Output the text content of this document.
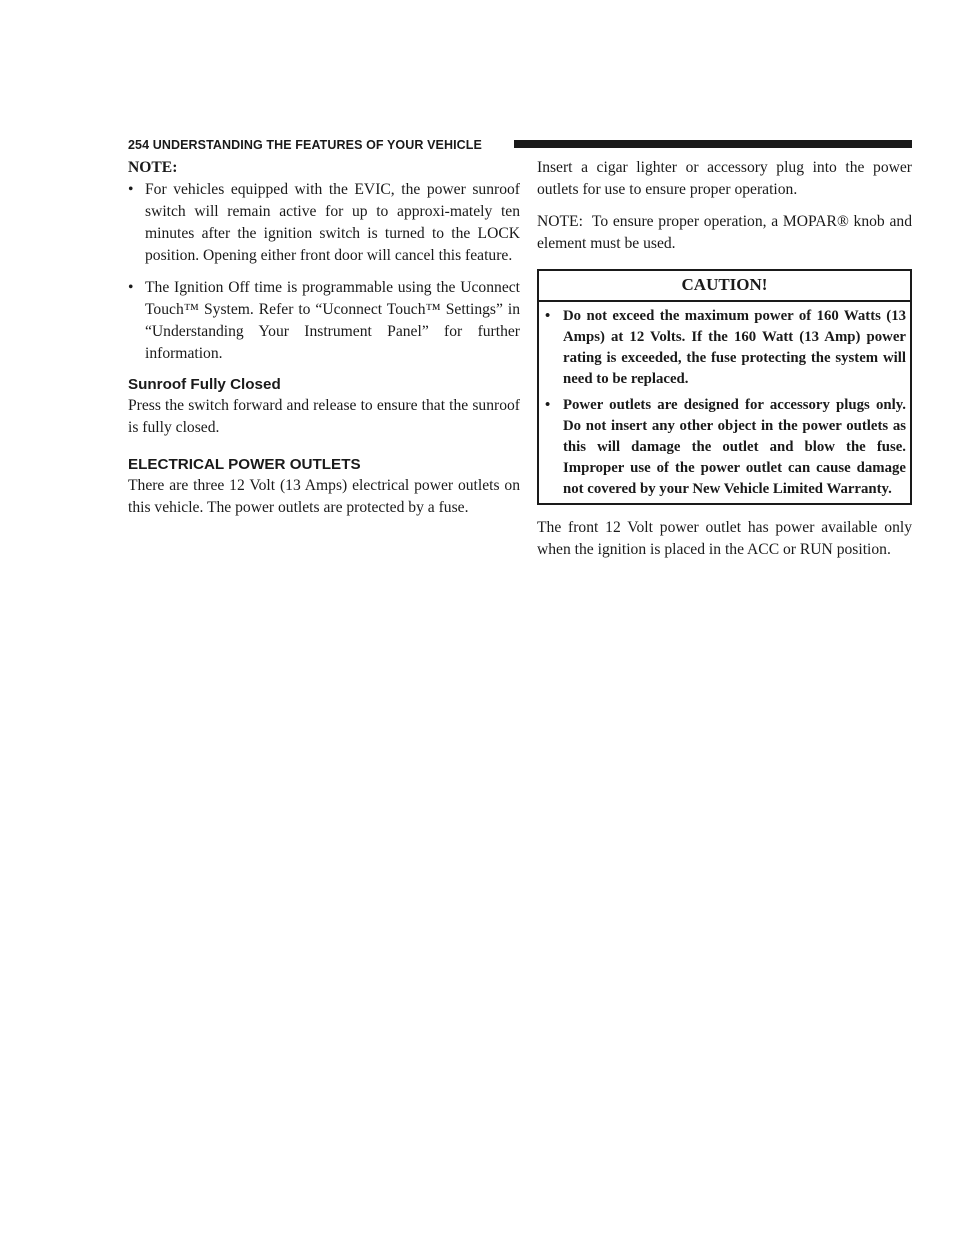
254 UNDERSTANDING THE FEATURES OF YOUR VEHICLE

NOTE:

• For vehicles equipped with the EVIC, the power sunroof switch will remain active for up to approxi-mately ten minutes after the ignition switch is turned to the LOCK position. Opening either front door will cancel this feature.
• The Ignition Off time is programmable using the Uconnect Touch™ System. Refer to “Uconnect Touch™ Settings” in “Understanding Your Instrument Panel” for further information.
Sunroof Fully Closed

Press the switch forward and release to ensure that the sunroof is fully closed.

ELECTRICAL POWER OUTLETS

There are three 12 Volt (13 Amps) electrical power outlets on this vehicle. The power outlets are protected by a fuse.

Insert a cigar lighter or accessory plug into the power outlets for use to ensure proper operation.

NOTE: To ensure proper operation, a MOPAR® knob and element must be used.

CAUTION!
• Do not exceed the maximum power of 160 Watts (13 Amps) at 12 Volts. If the 160 Watt (13 Amp) power rating is exceeded, the fuse protecting the system will need to be replaced.
• Power outlets are designed for accessory plugs only. Do not insert any other object in the power outlets as this will damage the outlet and blow the fuse. Improper use of the power outlet can cause damage not covered by your New Vehicle Limited Warranty.

The front 12 Volt power outlet has power available only when the ignition is placed in the ACC or RUN position.
